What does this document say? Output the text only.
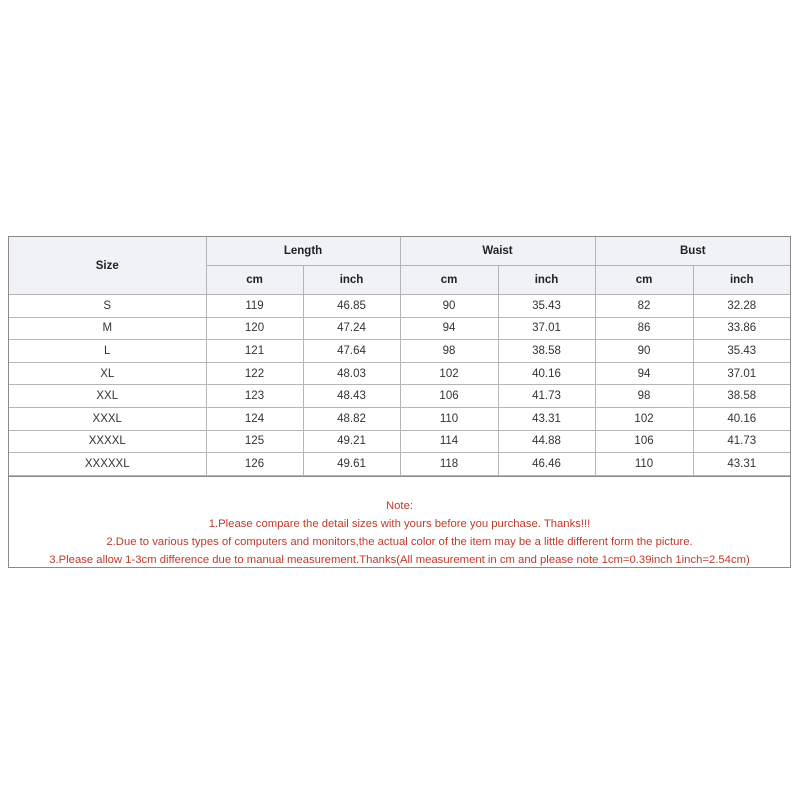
Size	Length		Waist		Bust	
	cm	inch	cm	inch	cm	inch
S	119	46.85	90	35.43	82	32.28
M	120	47.24	94	37.01	86	33.86
L	121	47.64	98	38.58	90	35.43
XL	122	48.03	102	40.16	94	37.01
XXL	123	48.43	106	41.73	98	38.58
XXXL	124	48.82	110	43.31	102	40.16
XXXXL	125	49.21	114	44.88	106	41.73
XXXXXL	126	49.61	118	46.46	110	43.31
Note:
1.Please compare the detail sizes with yours before you purchase. Thanks!!!
2.Due to various types of computers and monitors,the actual color of the item may be a little different form the picture.
3.Please allow 1-3cm difference due to manual measurement.Thanks(All measurement in cm and please note 1cm=0.39inch 1inch=2.54cm)
